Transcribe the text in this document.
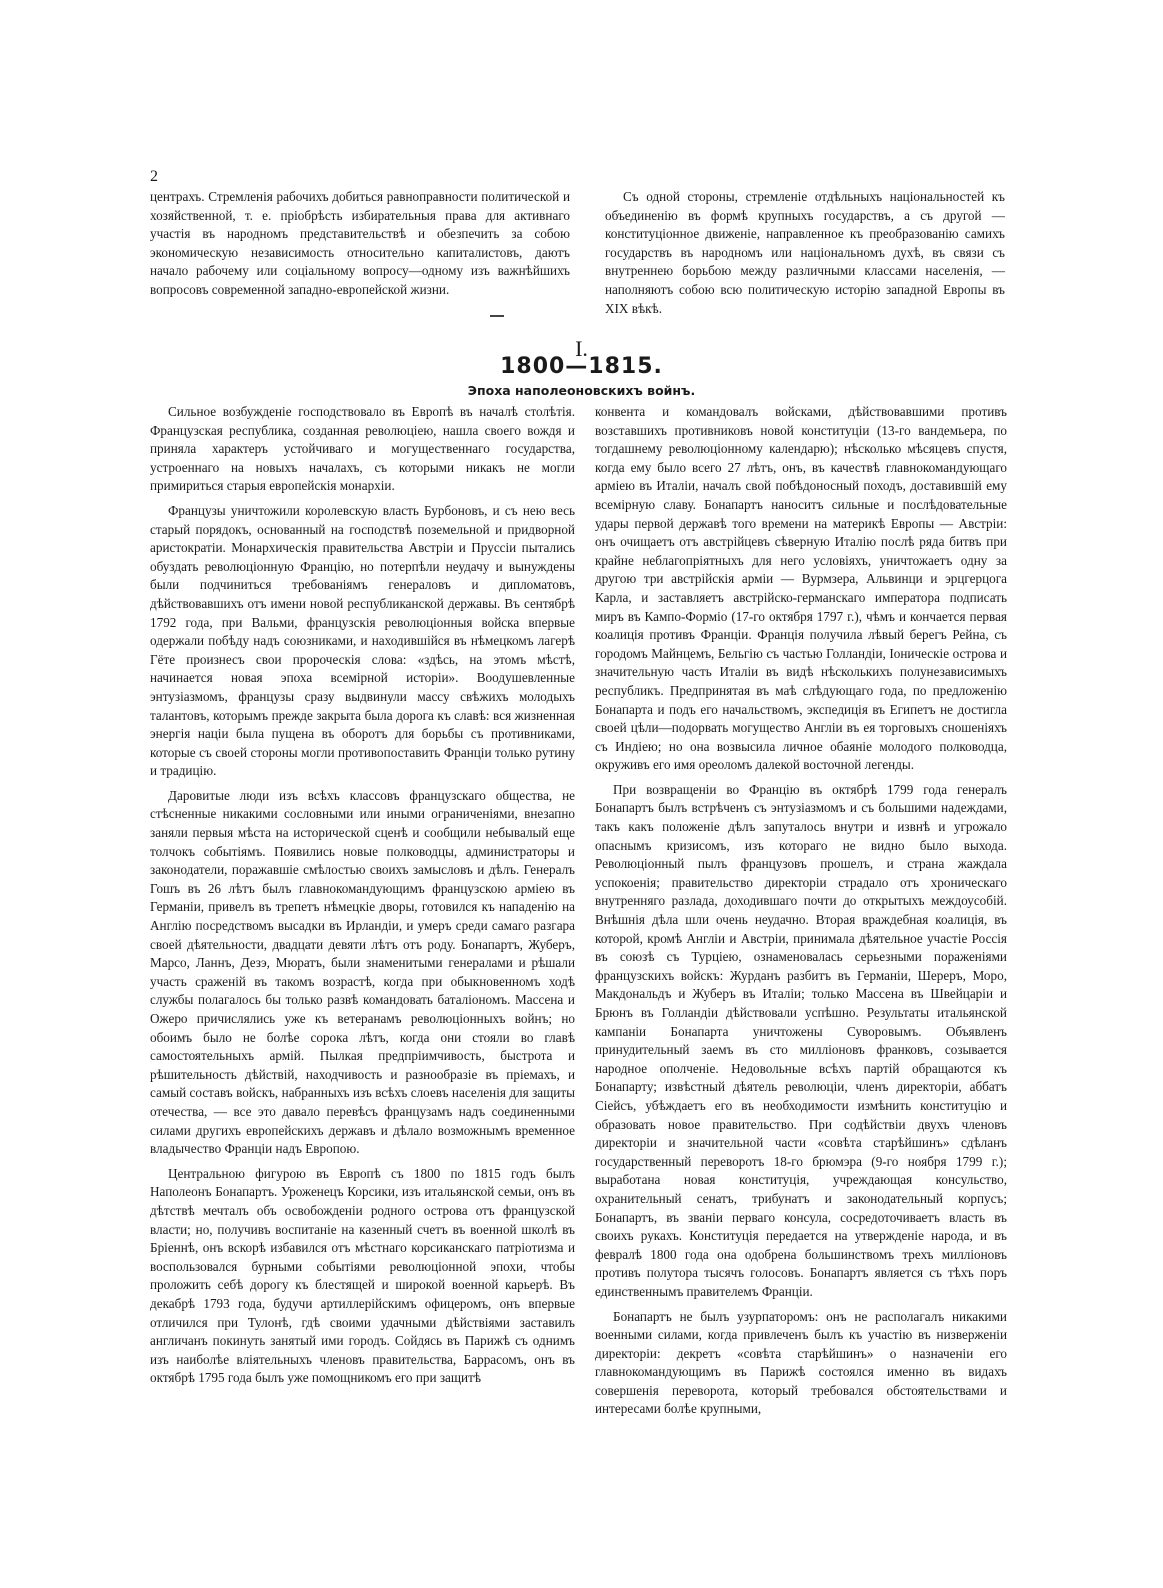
2

центрахъ. Стремленія рабочихъ добиться равноправности политической и хозяйственной, т. е. пріобрѣсть избирательныя права для активнаго участія въ народномъ представительствѣ и обезпечить за собою экономическую независимость относительно капиталистовъ, даютъ начало рабочему или соціальному вопросу—одному изъ важнѣйшихъ вопросовъ современной западно-европейской жизни.

Съ одной стороны, стремленіе отдѣльныхъ національностей къ объединенію въ формѣ крупныхъ государствъ, а съ другой — конституціонное движеніе, направленное къ преобразованію самихъ государствъ въ народномъ или національномъ духѣ, въ связи съ внутреннею борьбою между различными классами населенія, — наполняютъ собою всю политическую исторію западной Европы въ XIX вѣкѣ.

I.
1800—1815.
Эпоха наполеоновскихъ войнъ.

Сильное возбужденіе господствовало въ Европѣ въ началѣ столѣтія. Французская республика, созданная революціею, нашла своего вождя и приняла характеръ устойчиваго и могущественнаго государства, устроеннаго на новыхъ началахъ, съ которыми никакъ не могли примириться старыя европейскія монархіи.

Французы уничтожили королевскую власть Бурбоновъ, и съ нею весь старый порядокъ, основанный на господствѣ поземельной и придворной аристократіи. Монархическія правительства Австріи и Пруссіи пытались обуздать революціонную Францію, но потерпѣли неудачу и вынуждены были подчиниться требованіямъ генераловъ и дипломатовъ, дѣйствовавшихъ отъ имени новой республиканской державы. Въ сентябрѣ 1792 года, при Вальми, французскія революціонныя войска впервые одержали побѣду надъ союзниками, и находившійся въ нѣмецкомъ лагерѣ Гёте произнесъ свои пророческія слова: «здѣсь, на этомъ мѣстѣ, начинается новая эпоха всемірной исторіи». Воодушевленные энтузіазмомъ, французы сразу выдвинули массу свѣжихъ молодыхъ талантовъ, которымъ прежде закрыта была дорога къ славѣ: вся жизненная энергія націи была пущена въ оборотъ для борьбы съ противниками, которые съ своей стороны могли противопоставить Франціи только рутину и традицію.

Даровитые люди изъ всѣхъ классовъ французскаго общества, не стѣсненные никакими сословными или иными ограниченіями, внезапно заняли первыя мѣста на исторической сценѣ и сообщили небывалый еще толчокъ событіямъ. Появились новые полководцы, администраторы и законодатели, поражавшіе смѣлостью своихъ замысловъ и дѣлъ. Генералъ Гошъ въ 26 лѣтъ былъ главнокомандующимъ французскою арміею въ Германіи, привелъ въ трепетъ нѣмецкіе дворы, готовился къ нападенію на Англію посредствомъ высадки въ Ирландіи, и умеръ среди самаго разгара своей дѣятельности, двадцати девяти лѣтъ отъ роду. Бонапартъ, Жуберъ, Марсо, Ланнъ, Дезэ, Мюратъ, были знаменитыми генералами и рѣшали участь сраженій въ такомъ возрастѣ, когда при обыкновенномъ ходѣ службы полагалось бы только развѣ командовать баталіономъ. Массена и Ожеро причислялись уже къ ветеранамъ революціонныхъ войнъ; но обоимъ было не болѣе сорока лѣтъ, когда они стояли во главѣ самостоятельныхъ армій. Пылкая предпріимчивость, быстрота и рѣшительность дѣйствій, находчивость и разнообразіе въ пріемахъ, и самый составъ войскъ, набранныхъ изъ всѣхъ слоевъ населенія для защиты отечества, — все это давало перевѣсъ французамъ надъ соединенными силами другихъ европейскихъ державъ и дѣлало возможнымъ временное владычество Франціи надъ Европою.

Центральною фигурою въ Европѣ съ 1800 по 1815 годъ былъ Наполеонъ Бонапартъ. Уроженецъ Корсики, изъ итальянской семьи, онъ въ дѣтствѣ мечталъ объ освобожденіи родного острова отъ французской власти; но, получивъ воспитаніе на казенный счетъ въ военной школѣ въ Бріеннѣ, онъ вскорѣ избавился отъ мѣстнаго корсиканскаго патріотизма и воспользовался бурными событіями революціонной эпохи, чтобы проложить себѣ дорогу къ блестящей и широкой военной карьерѣ. Въ декабрѣ 1793 года, будучи артиллерійскимъ офицеромъ, онъ впервые отличился при Тулонѣ, гдѣ своими удачными дѣйствіями заставилъ англичанъ покинуть занятый ими городъ. Сойдясь въ Парижѣ съ однимъ изъ наиболѣе вліятельныхъ членовъ правительства, Баррасомъ, онъ въ октябрѣ 1795 года былъ уже помощникомъ его при защитѣ

конвента и командовалъ войсками, дѣйствовавшими противъ возставшихъ противниковъ новой конституціи (13-го вандемьера, по тогдашнему революціонному календарю); нѣсколько мѣсяцевъ спустя, когда ему было всего 27 лѣтъ, онъ, въ качествѣ главнокомандующаго арміею въ Италіи, началъ свой побѣдоносный походъ, доставившій ему всемірную славу. Бонапартъ наноситъ сильные и послѣдовательные удары первой державѣ того времени на материкѣ Европы — Австріи: онъ очищаетъ отъ австрійцевъ сѣверную Италію послѣ ряда битвъ при крайне неблагопріятныхъ для него условіяхъ, уничтожаетъ одну за другою три австрійскія арміи — Вурмзера, Альвинци и эрцгерцога Карла, и заставляетъ австрійско-германскаго императора подписать миръ въ Кампо-Форміо (17-го октября 1797 г.), чѣмъ и кончается первая коалиція противъ Франціи. Франція получила лѣвый берегъ Рейна, съ городомъ Майнцемъ, Бельгію съ частью Голландіи, Іоническіе острова и значительную часть Италіи въ видѣ нѣсколькихъ полунезависимыхъ республикъ. Предпринятая въ маѣ слѣдующаго года, по предложенію Бонапарта и подъ его начальствомъ, экспедиція въ Египетъ не достигла своей цѣли—подорвать могущество Англіи въ ея торговыхъ сношеніяхъ съ Индіею; но она возвысила личное обаяніе молодого полководца, окруживъ его имя ореоломъ далекой восточной легенды.

При возвращеніи во Францію въ октябрѣ 1799 года генералъ Бонапартъ былъ встрѣченъ съ энтузіазмомъ и съ большими надеждами, такъ какъ положеніе дѣлъ запуталось внутри и извнѣ и угрожало опаснымъ кризисомъ, изъ котораго не видно было выхода. Революціонный пылъ французовъ прошелъ, и страна жаждала успокоенія; правительство директоріи страдало отъ хроническаго внутренняго разлада, доходившаго почти до открытыхъ междоусобій. Внѣшнія дѣла шли очень неудачно. Вторая враждебная коалиція, въ которой, кромѣ Англіи и Австріи, принимала дѣятельное участіе Россія въ союзѣ съ Турціею, ознаменовалась серьезными пораженіями французскихъ войскъ: Журданъ разбитъ въ Германіи, Шереръ, Моро, Макдональдъ и Жуберъ въ Италіи; только Массена въ Швейцаріи и Брюнъ въ Голландіи дѣйствовали успѣшно. Результаты итальянской кампаніи Бонапарта уничтожены Суворовымъ. Объявленъ принудительный заемъ въ сто милліоновъ франковъ, созывается народное ополченіе. Недовольные всѣхъ партій обращаются къ Бонапарту; извѣстный дѣятель революціи, членъ директоріи, аббатъ Сіейсъ, убѣждаетъ его въ необходимости измѣнить конституцію и образовать новое правительство. При содѣйствіи двухъ членовъ директоріи и значительной части «совѣта старѣйшинъ» сдѣланъ государственный переворотъ 18-го брюмэра (9-го ноября 1799 г.); выработана новая конституція, учреждающая консульство, охранительный сенатъ, трибунатъ и законодательный корпусъ; Бонапартъ, въ званіи перваго консула, сосредоточиваетъ власть въ своихъ рукахъ. Конституція передается на утвержденіе народа, и въ февралѣ 1800 года она одобрена большинствомъ трехъ милліоновъ противъ полутора тысячъ голосовъ. Бонапартъ является съ тѣхъ поръ единственнымъ правителемъ Франціи.

Бонапартъ не былъ узурпаторомъ: онъ не располагалъ никакими военными силами, когда привлеченъ былъ къ участію въ низверженіи директоріи: декретъ «совѣта старѣйшинъ» о назначеніи его главнокомандующимъ въ Парижѣ состоялся именно въ видахъ совершенія переворота, который требовался обстоятельствами и интересами болѣе крупными,
